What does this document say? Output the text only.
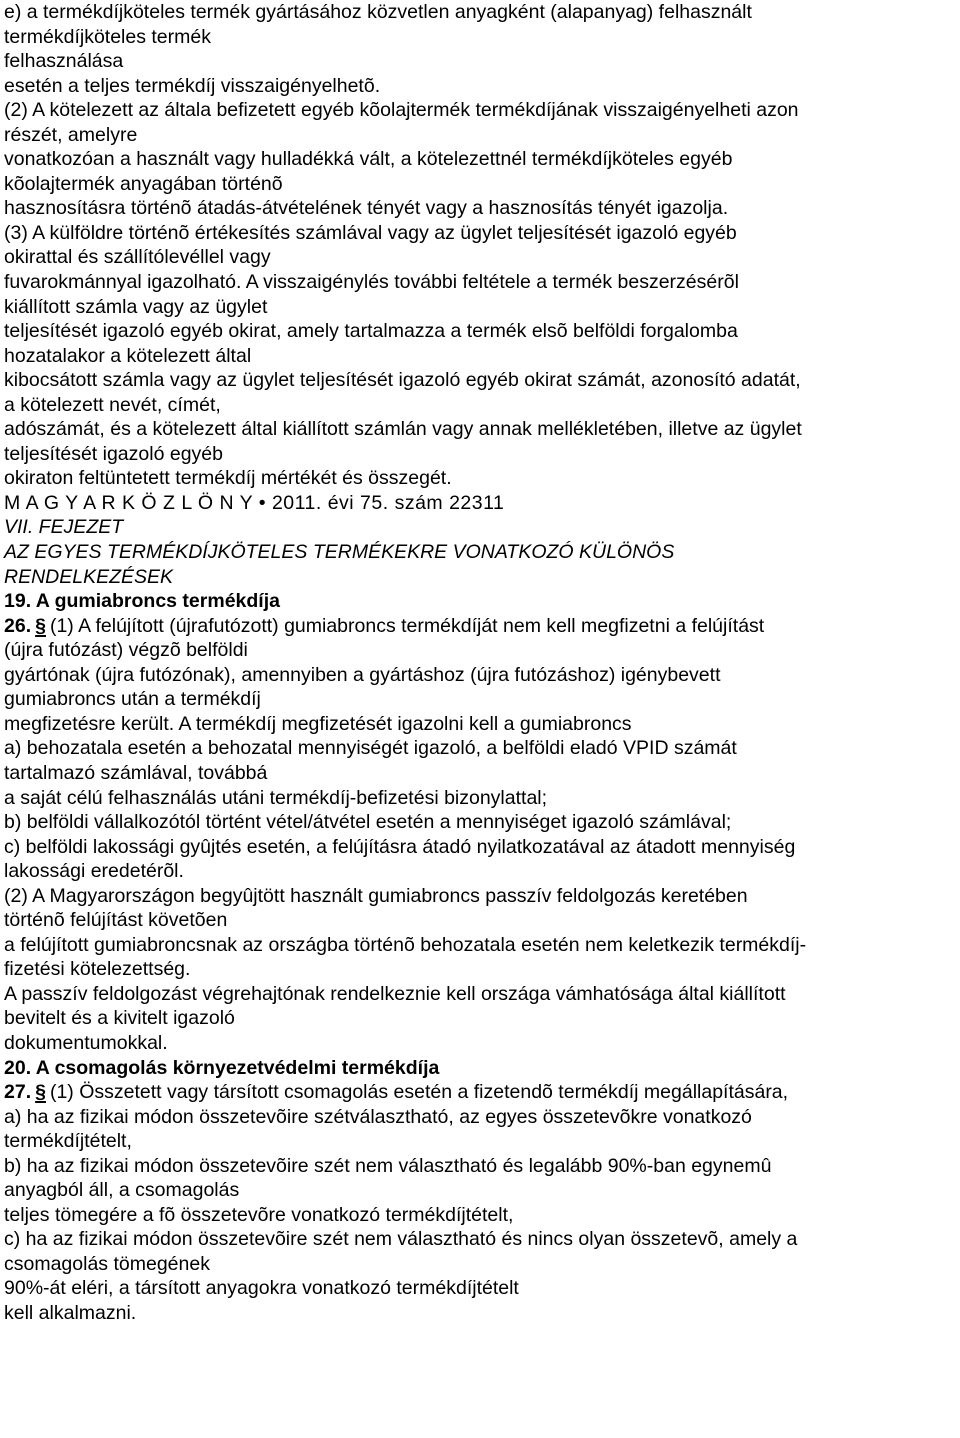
e) a termékdíjköteles termék gyártásához közvetlen anyagként (alapanyag) felhasznált
termékdíjköteles termék
felhasználása
esetén a teljes termékdíj visszaigényelhetõ.
(2) A kötelezett az általa befizetett egyéb kõolajtermék termékdíjának visszaigényelheti azon
részét, amelyre
vonatkozóan a használt vagy hulladékká vált, a kötelezettnél termékdíjköteles egyéb
kõolajtermék anyagában történõ
hasznosításra történõ átadás-átvételének tényét vagy a hasznosítás tényét igazolja.
(3) A külföldre történõ értékesítés számlával vagy az ügylet teljesítését igazoló egyéb
okirattal és szállítólevéllel vagy
fuvarokmánnyal igazolható. A visszaigénylés további feltétele a termék beszerzésérõl
kiállított számla vagy az ügylet
teljesítését igazoló egyéb okirat, amely tartalmazza a termék elsõ belföldi forgalomba
hozatalakor a kötelezett által
kibocsátott számla vagy az ügylet teljesítését igazoló egyéb okirat számát, azonosító adatát,
a kötelezett nevét, címét,
adószámát, és a kötelezett által kiállított számlán vagy annak mellékletében, illetve az ügylet
teljesítését igazoló egyéb
okiraton feltüntetett termékdíj mértékét és összegét.
M A G Y A R K Ö Z L Ö N Y • 2011. évi 75. szám 22311
VII. FEJEZET
AZ EGYES TERMÉKDÍJKÖTELES TERMÉKEKRE VONATKOZÓ KÜLÖNÖS
RENDELKEZÉSEK
19. A gumiabroncs termékdíja
26. § (1) A felújított (újrafutózott) gumiabroncs termékdíját nem kell megfizetni a felújítást
(újra futózást) végzõ belföldi
gyártónak (újra futózónak), amennyiben a gyártáshoz (újra futózáshoz) igénybevett
gumiabroncs után a termékdíj
megfizetésre került. A termékdíj megfizetését igazolni kell a gumiabroncs
a) behozatala esetén a behozatal mennyiségét igazoló, a belföldi eladó VPID számát
tartalmazó számlával, továbbá
a saját célú felhasználás utáni termékdíj-befizetési bizonylattal;
b) belföldi vállalkozótól történt vétel/átvétel esetén a mennyiséget igazoló számlával;
c) belföldi lakossági gyûjtés esetén, a felújításra átadó nyilatkozatával az átadott mennyiség
lakossági eredetérõl.
(2) A Magyarországon begyûjtött használt gumiabroncs passzív feldolgozás keretében
történõ felújítást követõen
a felújított gumiabroncsnak az országba történõ behozatala esetén nem keletkezik termékdíj-
fizetési kötelezettség.
A passzív feldolgozást végrehajtónak rendelkeznie kell országa vámhatósága által kiállított
bevitelt és a kivitelt igazoló
dokumentumokkal.
20. A csomagolás környezetvédelmi termékdíja
27. § (1) Összetett vagy társított csomagolás esetén a fizetendõ termékdíj megállapítására,
a) ha az fizikai módon összetevõire szétválasztható, az egyes összetevõkre vonatkozó
termékdíjtételt,
b) ha az fizikai módon összetevõire szét nem választható és legalább 90%-ban egynemû
anyagból áll, a csomagolás
teljes tömegére a fõ összetevõre vonatkozó termékdíjtételt,
c) ha az fizikai módon összetevõire szét nem választható és nincs olyan összetevõ, amely a
csomagolás tömegének
90%-át eléri, a társított anyagokra vonatkozó termékdíjtételt
kell alkalmazni.
